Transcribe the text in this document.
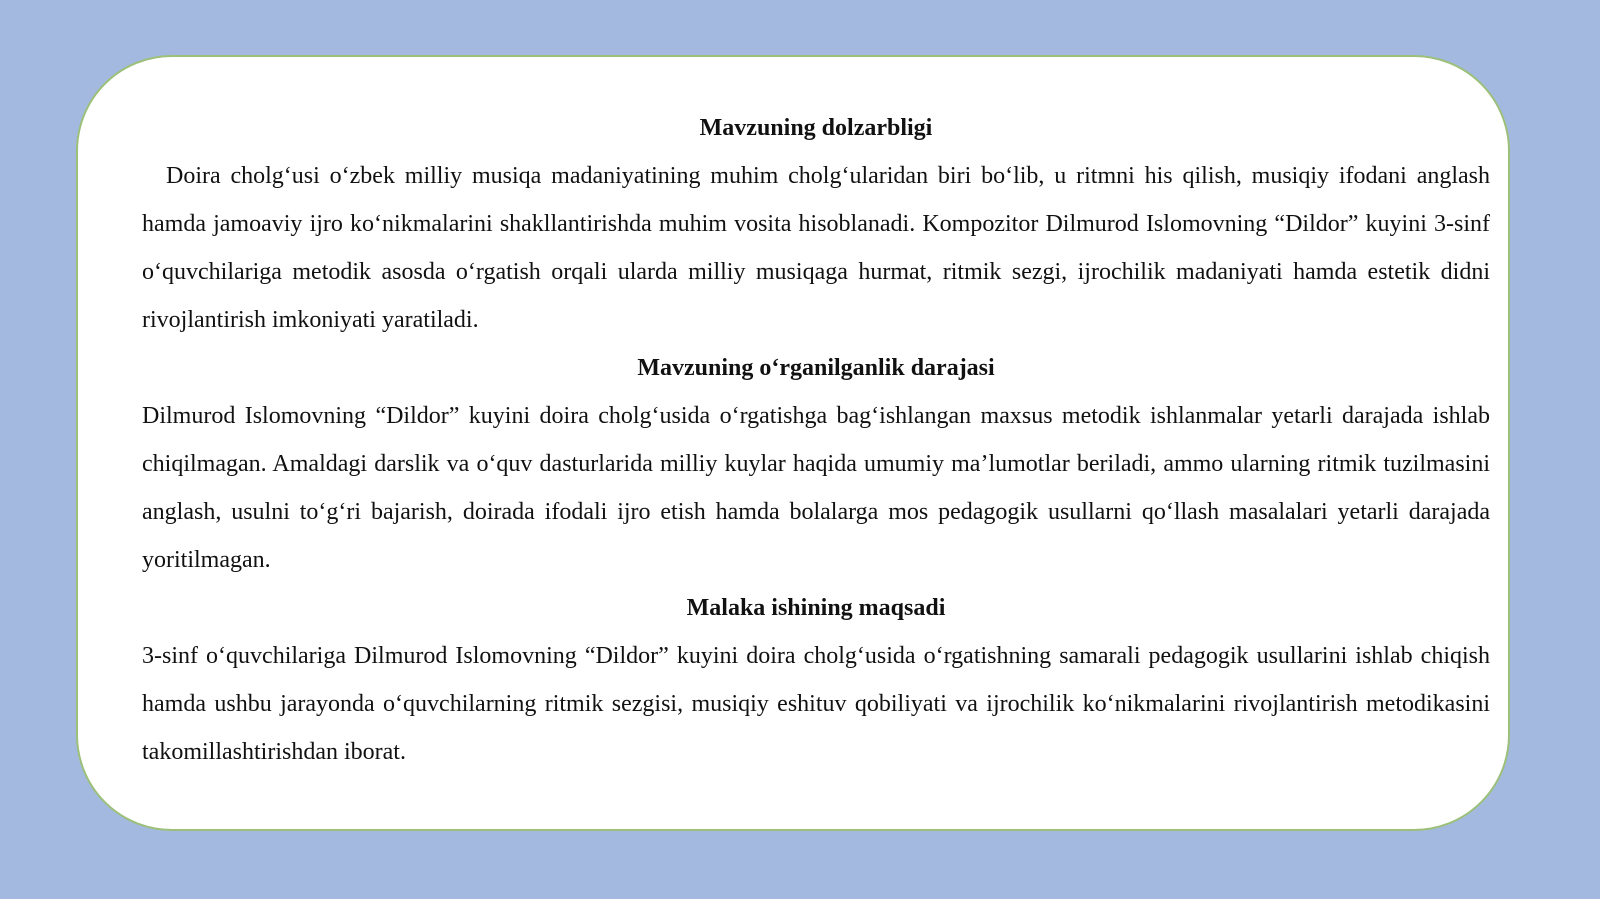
Mavzuning dolzarbligi

Doira cholg‘usi o‘zbek milliy musiqa madaniyatining muhim cholg‘ularidan biri bo‘lib, u ritmni his qilish, musiqiy ifodani anglash hamda jamoaviy ijro ko‘nikmalarini shakllantirishda muhim vosita hisoblanadi. Kompozitor Dilmurod Islomovning “Dildor” kuyini 3-sinf o‘quvchilariga metodik asosda o‘rgatish orqali ularda milliy musiqaga hurmat, ritmik sezgi, ijrochilik madaniyati hamda estetik didni rivojlantirish imkoniyati yaratiladi.

Mavzuning o‘rganilganlik darajasi

Dilmurod Islomovning “Dildor” kuyini doira cholg‘usida o‘rgatishga bag‘ishlangan maxsus metodik ishlanmalar yetarli darajada ishlab chiqilmagan. Amaldagi darslik va o‘quv dasturlarida milliy kuylar haqida umumiy ma’lumotlar beriladi, ammo ularning ritmik tuzilmasini anglash, usulni to‘g‘ri bajarish, doirada ifodali ijro etish hamda bolalarga mos pedagogik usullarni qo‘llash masalalari yetarli darajada yoritilmagan.

Malaka ishining maqsadi

3-sinf o‘quvchilariga Dilmurod Islomovning “Dildor” kuyini doira cholg‘usida o‘rgatishning samarali pedagogik usullarini ishlab chiqish hamda ushbu jarayonda o‘quvchilarning ritmik sezgisi, musiqiy eshituv qobiliyati va ijrochilik ko‘nikmalarini rivojlantirish metodikasini takomillashtirishdan iborat.
